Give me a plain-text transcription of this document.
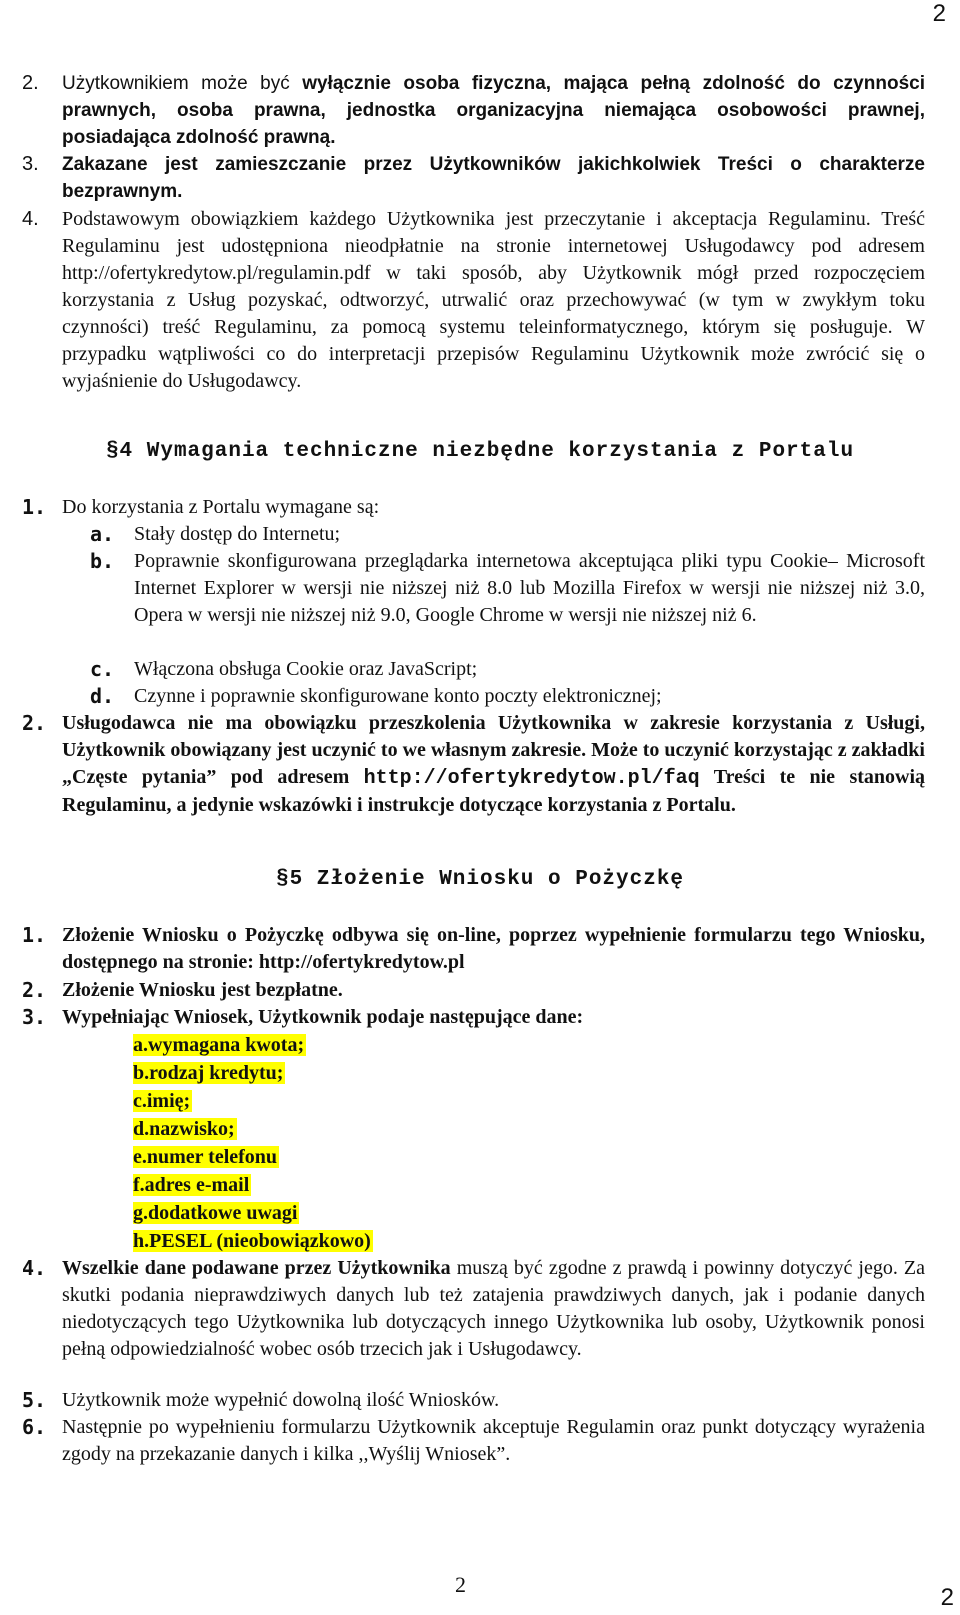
2
2.	Użytkownikiem może być wyłącznie osoba fizyczna, mająca pełną zdolność do czynności prawnych, osoba prawna, jednostka organizacyjna niemająca osobowości prawnej, posiadająca zdolność prawną.
3.	Zakazane jest zamieszczanie przez Użytkowników jakichkolwiek Treści o charakterze bezprawnym.
4.	Podstawowym obowiązkiem każdego Użytkownika jest przeczytanie i akceptacja Regulaminu. Treść Regulaminu jest udostępniona nieodpłatnie na stronie internetowej Usługodawcy pod adresem http://ofertykredytow.pl/regulamin.pdf w taki sposób, aby Użytkownik mógł przed rozpoczęciem korzystania z Usług pozyskać, odtworzyć, utrwalić oraz przechowywać (w tym w zwykłym toku czynności) treść Regulaminu, za pomocą systemu teleinformatycznego, którym się posługuje. W przypadku wątpliwości co do interpretacji przepisów Regulaminu Użytkownik może zwrócić się o wyjaśnienie do Usługodawcy.
§4 Wymagania techniczne niezbędne korzystania z Portalu
1. Do korzystania z Portalu wymagane są:
a. Stały dostęp do Internetu;
b. Poprawnie skonfigurowana przeglądarka internetowa akceptująca pliki typu Cookie– Microsoft Internet Explorer w wersji nie niższej niż 8.0 lub Mozilla Firefox w wersji nie niższej niż 3.0, Opera w wersji nie niższej niż 9.0, Google Chrome w wersji nie niższej niż 6.
c. Włączona obsługa Cookie oraz JavaScript;
d. Czynne i poprawnie skonfigurowane konto poczty elektronicznej;
2. Usługodawca nie ma obowiązku przeszkolenia Użytkownika w zakresie korzystania z Usługi, Użytkownik obowiązany jest uczynić to we własnym zakresie. Może to uczynić korzystając z zakładki „Częste pytania” pod adresem http://ofertykredytow.pl/faq Treści te nie stanowią Regulaminu, a jedynie wskazówki i instrukcje dotyczące korzystania z Portalu.
§5 Złożenie Wniosku o Pożyczkę
1. Złożenie Wniosku o Pożyczkę odbywa się on-line, poprzez wypełnienie formularzu tego Wniosku, dostępnego na stronie: http://ofertykredytow.pl
2. Złożenie Wniosku jest bezpłatne.
3. Wypełniając Wniosek, Użytkownik podaje następujące dane:
a.wymagana kwota;
b.rodzaj kredytu;
c.imię;
d.nazwisko;
e.numer telefonu
f.adres e-mail
g.dodatkowe uwagi
h.PESEL (nieobowiązkowo)
4. Wszelkie dane podawane przez Użytkownika muszą być zgodne z prawdą i powinny dotyczyć jego. Za skutki podania nieprawdziwych danych lub też zatajenia prawdziwych danych, jak i podanie danych niedotyczących tego Użytkownika lub dotyczących innego Użytkownika lub osoby, Użytkownik ponosi pełną odpowiedzialność wobec osób trzecich jak i Usługodawcy.
5. Użytkownik może wypełnić dowolną ilość Wniosków.
6. Następnie po wypełnieniu formularzu Użytkownik akceptuje Regulamin oraz punkt dotyczący wyrażenia zgody na przekazanie danych i kilka ,,Wyślij Wniosek”.
2	2
